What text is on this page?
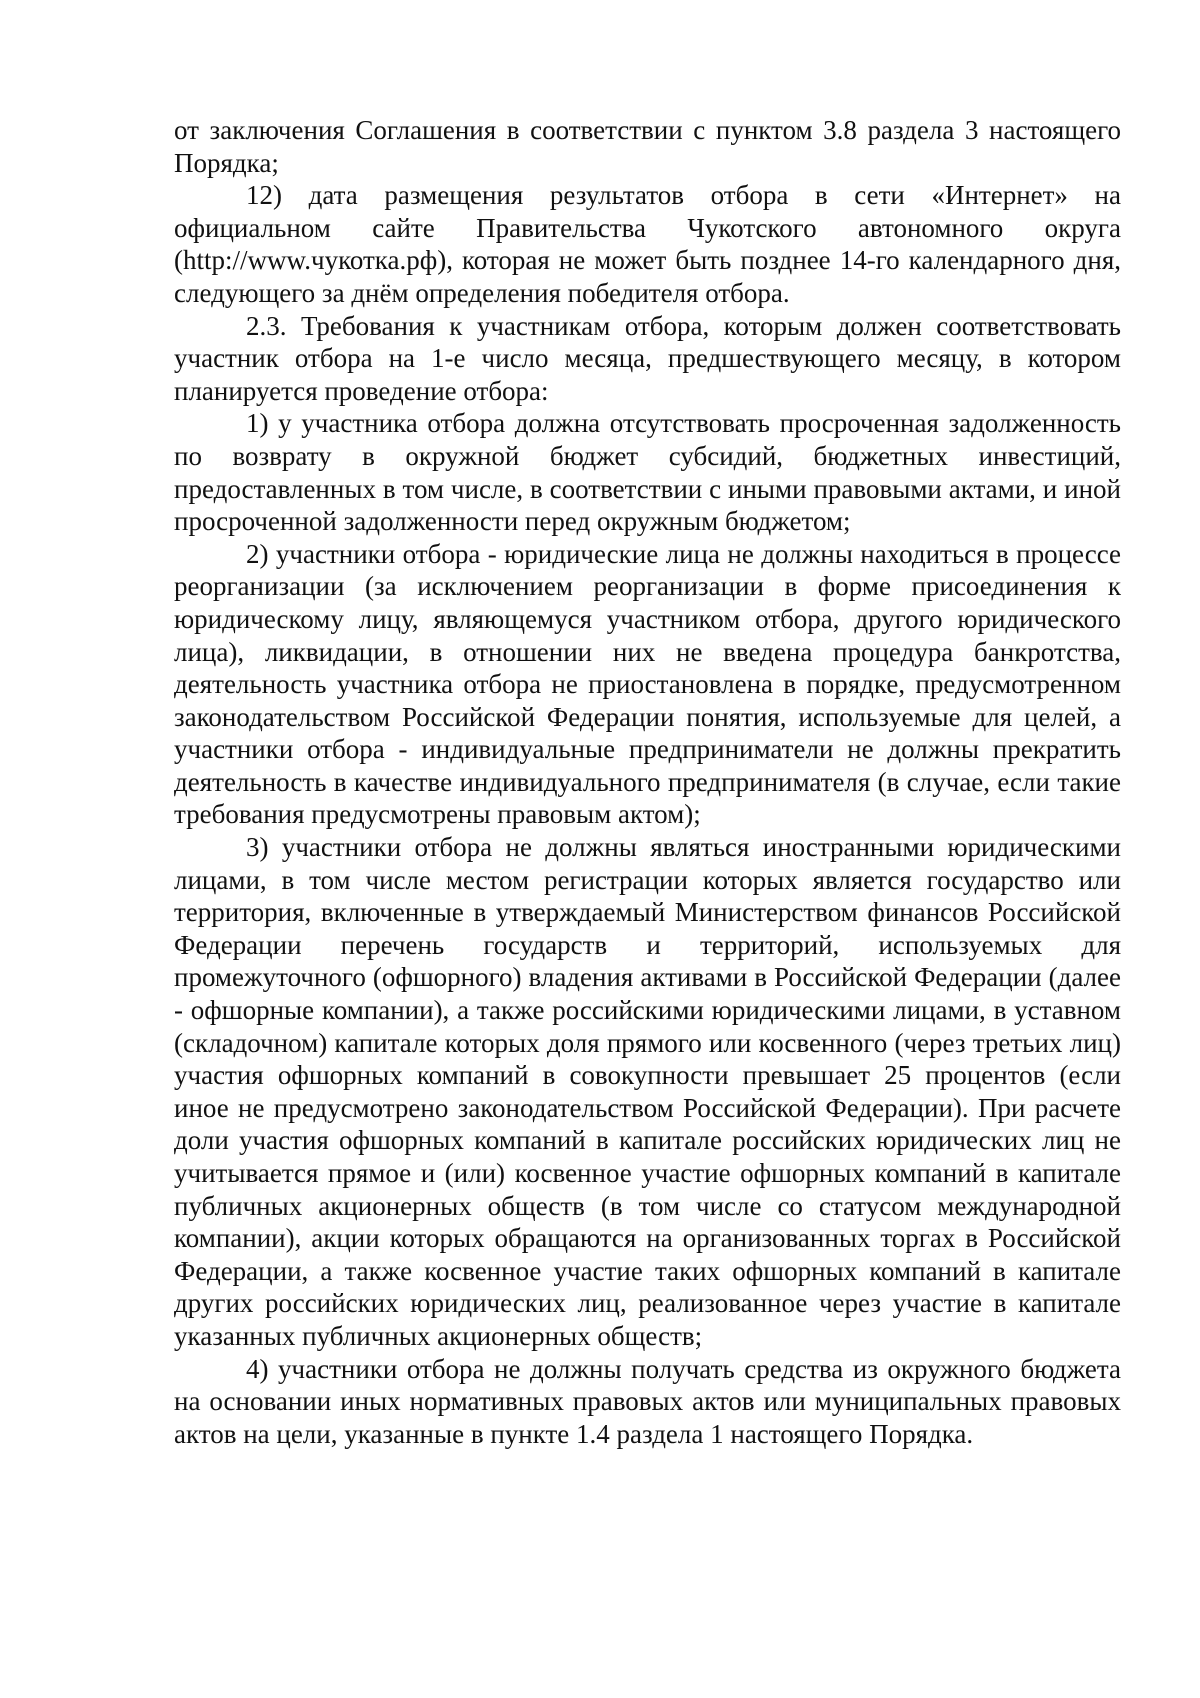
от заключения Соглашения в соответствии с пунктом 3.8 раздела 3 настоящего Порядка;

12) дата размещения результатов отбора в сети «Интернет» на официальном сайте Правительства Чукотского автономного округа (http://www.чукотка.рф), которая не может быть позднее 14-го календарного дня, следующего за днём определения победителя отбора.

2.3. Требования к участникам отбора, которым должен соответствовать участник отбора на 1-е число месяца, предшествующего месяцу, в котором планируется проведение отбора:

1) у участника отбора должна отсутствовать просроченная задолженность по возврату в окружной бюджет субсидий, бюджетных инвестиций, предоставленных в том числе, в соответствии с иными правовыми актами, и иной просроченной задолженности перед окружным бюджетом;

2) участники отбора - юридические лица не должны находиться в процессе реорганизации (за исключением реорганизации в форме присоединения к юридическому лицу, являющемуся участником отбора, другого юридического лица), ликвидации, в отношении них не введена процедура банкротства, деятельность участника отбора не приостановлена в порядке, предусмотренном законодательством Российской Федерации понятия, используемые для целей, а участники отбора - индивидуальные предприниматели не должны прекратить деятельность в качестве индивидуального предпринимателя (в случае, если такие требования предусмотрены правовым актом);

3) участники отбора не должны являться иностранными юридическими лицами, в том числе местом регистрации которых является государство или территория, включенные в утверждаемый Министерством финансов Российской Федерации перечень государств и территорий, используемых для промежуточного (офшорного) владения активами в Российской Федерации (далее - офшорные компании), а также российскими юридическими лицами, в уставном (складочном) капитале которых доля прямого или косвенного (через третьих лиц) участия офшорных компаний в совокупности превышает 25 процентов (если иное не предусмотрено законодательством Российской Федерации). При расчете доли участия офшорных компаний в капитале российских юридических лиц не учитывается прямое и (или) косвенное участие офшорных компаний в капитале публичных акционерных обществ (в том числе со статусом международной компании), акции которых обращаются на организованных торгах в Российской Федерации, а также косвенное участие таких офшорных компаний в капитале других российских юридических лиц, реализованное через участие в капитале указанных публичных акционерных обществ;

4) участники отбора не должны получать средства из окружного бюджета на основании иных нормативных правовых актов или муниципальных правовых актов на цели, указанные в пункте 1.4 раздела 1 настоящего Порядка.
